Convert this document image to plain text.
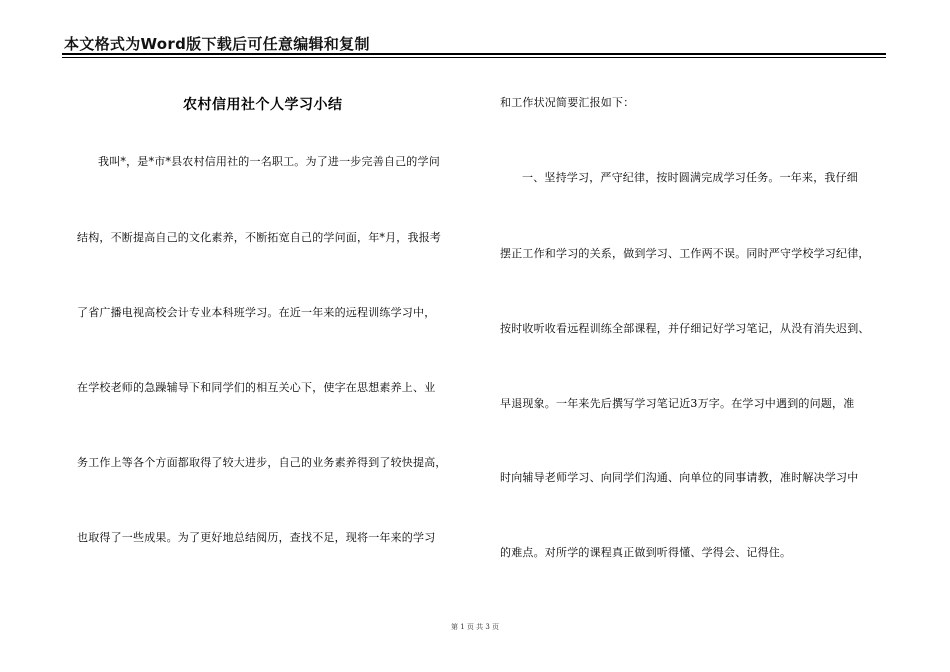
本文格式为Word版下载后可任意编辑和复制
农村信用社个人学习小结
我叫*，是*市*县农村信用社的一名职工。为了进一步完善自己的学问
结构，不断提高自己的文化素养，不断拓宽自己的学问面，年*月，我报考
了省广播电视高校会计专业本科班学习。在近一年来的远程训练学习中，
在学校老师的急躁辅导下和同学们的相互关心下，使字在思想素养上、业
务工作上等各个方面都取得了较大进步，自己的业务素养得到了较快提高，
也取得了一些成果。为了更好地总结阅历，查找不足，现将一年来的学习
和工作状况简要汇报如下：
一、坚持学习，严守纪律，按时圆满完成学习任务。一年来，我仔细
摆正工作和学习的关系，做到学习、工作两不误。同时严守学校学习纪律，
按时收听收看远程训练全部课程，并仔细记好学习笔记，从没有消失迟到、
早退现象。一年来先后撰写学习笔记近3万字。在学习中遇到的问题，准
时向辅导老师学习、向同学们沟通、向单位的同事请教，准时解决学习中
的难点。对所学的课程真正做到听得懂、学得会、记得住。
第 1 页 共 3 页
